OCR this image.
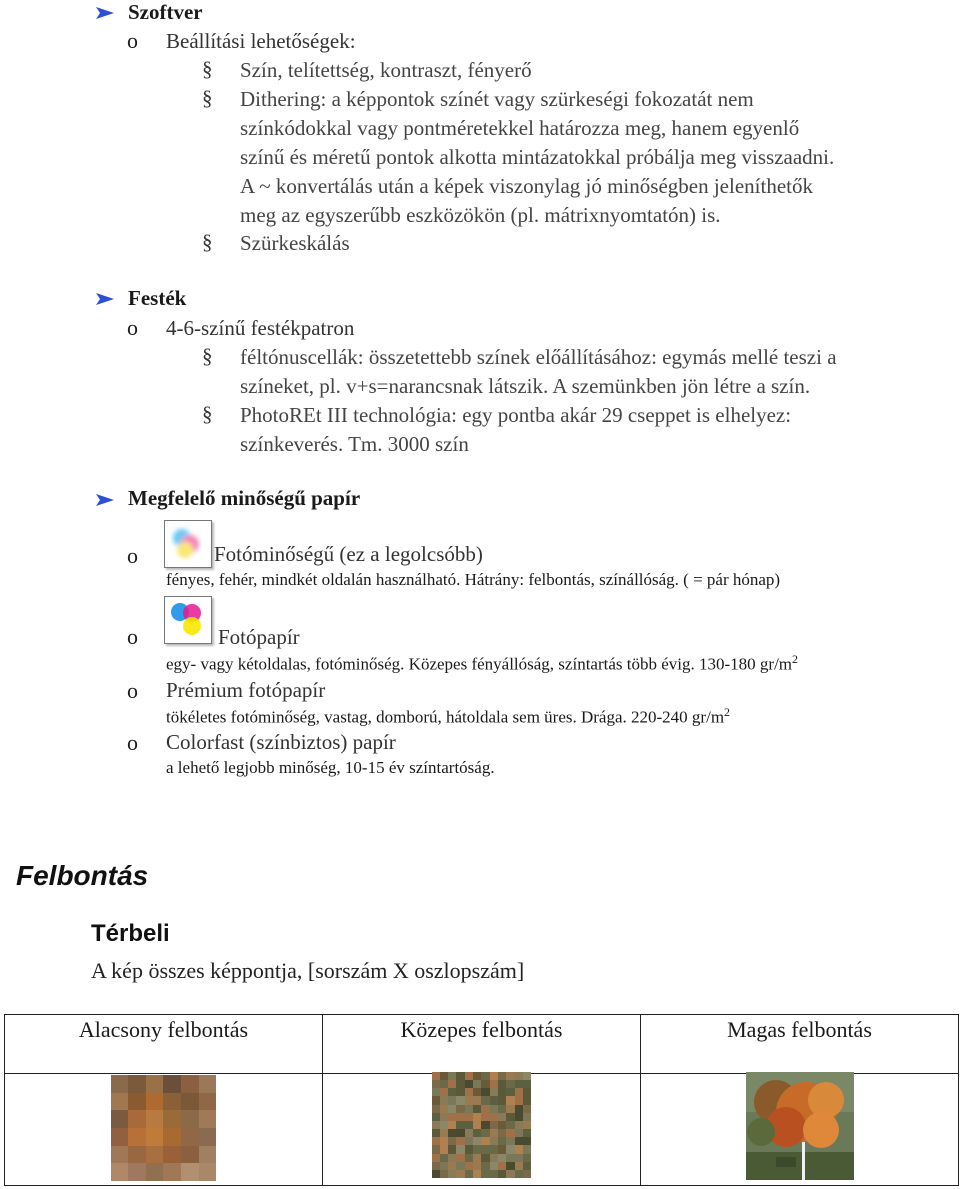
Szoftver
o Beállítási lehetőségek:
§ Szín, telítettség, kontraszt, fényerő
§ Dithering: a képpontok színét vagy szürkeségi fokozatát nem
színkódokkal vagy pontméretekkel határozza meg, hanem egyenlő
színű és méretű pontok alkotta mintázatokkal próbálja meg visszaadni.
A ~ konvertálás után a képek viszonylag jó minőségben jeleníthetők
meg az egyszerűbb eszközökön (pl. mátrixnyomtatón) is.
§ Szürkeskálás
Festék
o 4-6-színű festékpatron
§ féltónuscellák: összetettebb színek előállításához: egymás mellé teszi a
színeket, pl. v+s=narancsnak látszik. A szemünkben jön létre a szín.
§ PhotoREt III technológia: egy pontba akár 29 cseppet is elhelyez:
színkeverés. Tm. 3000 szín
Megfelelő minőségű papír
o	Fotóminőségű (ez a legolcsóbb)
fényes, fehér, mindkét oldalán használható. Hátrány: felbontás, színállóság. ( = pár hónap)
o	Fotópapír
egy- vagy kétoldalas, fotóminőség. Közepes fényállóság, színtartás több évig. 130-180 $gr/m^2$
o Prémium fotópapír
tökéletes fotóminőség, vastag, domború, hátoldala sem üres. Drága. 220-240 $gr/m^2$
o Colorfast (színbiztos) papír
a lehető legjobb minőség, 10-15 év színtartóság.
Felbontás
Térbeli
A kép összes képpontja, [sorszám X oszlopszám]
Alacsony felbontás	Közepes felbontás	Magas felbontás
